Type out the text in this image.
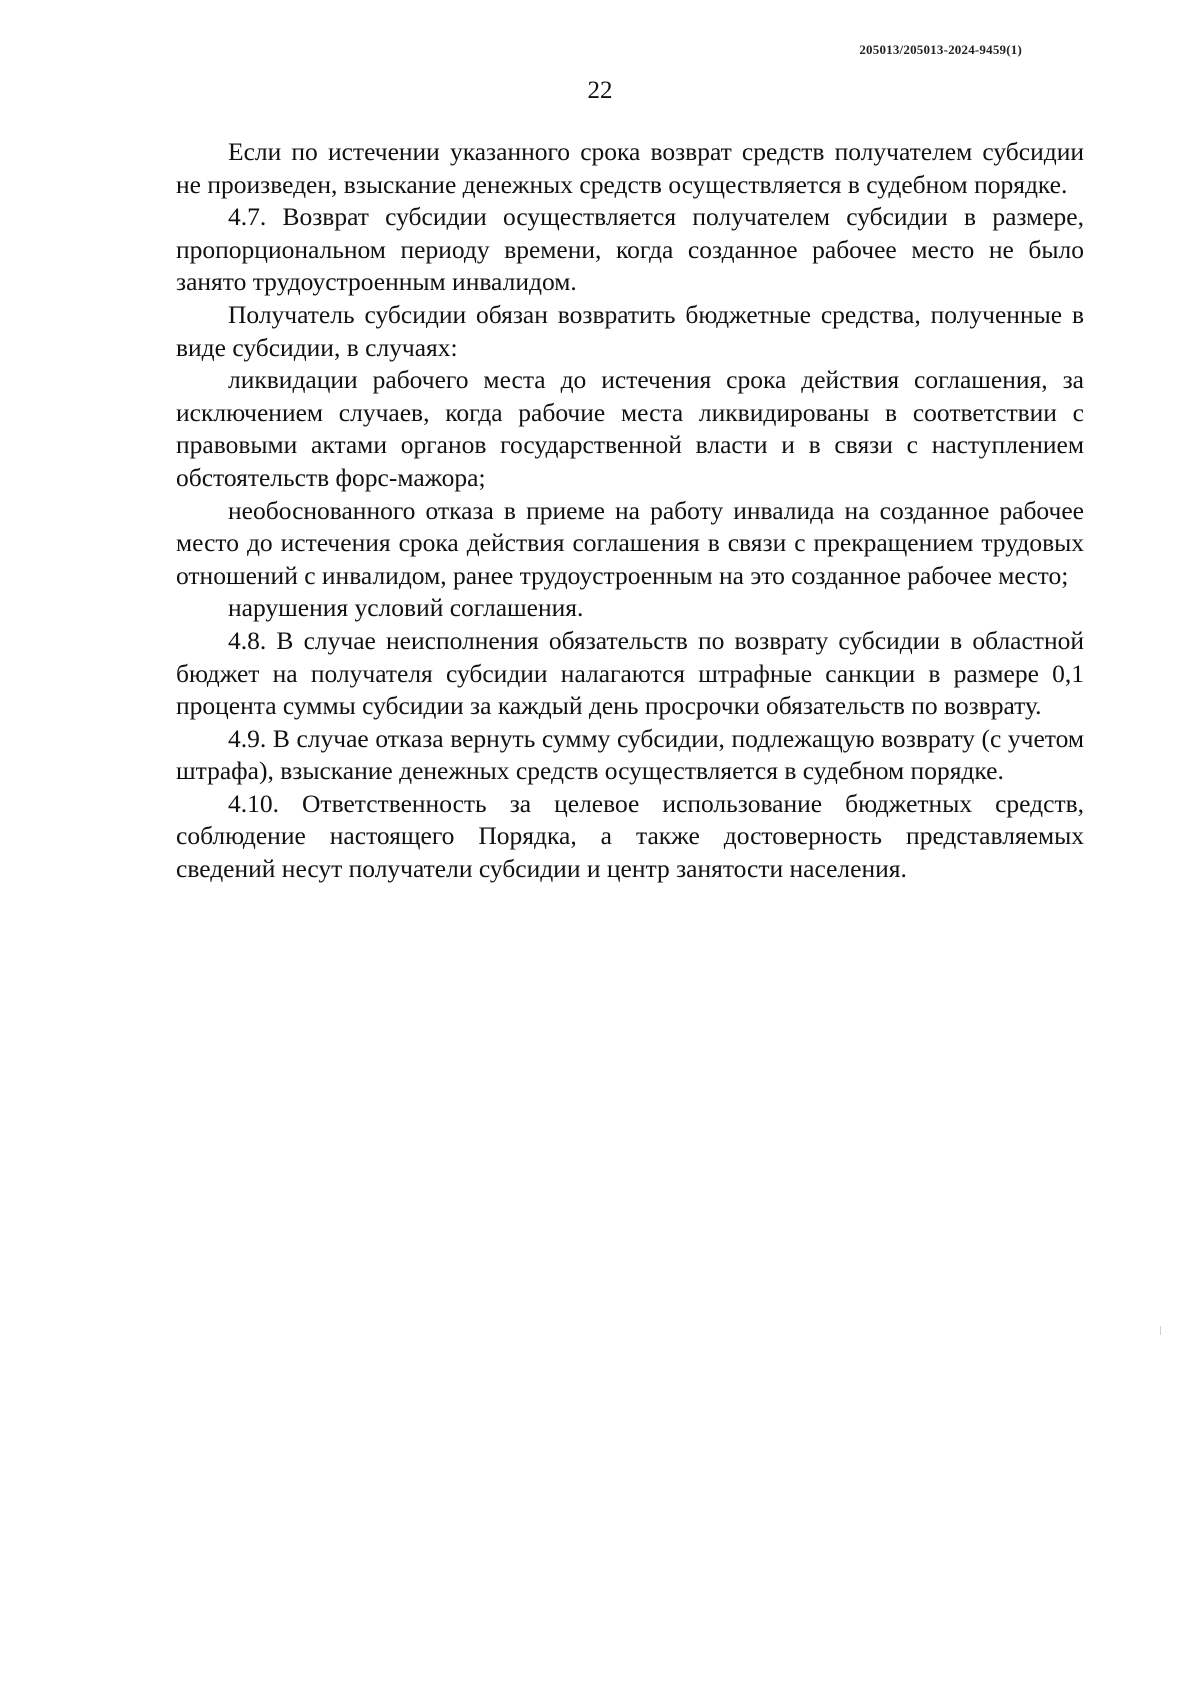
205013/205013-2024-9459(1)
22

Если по истечении указанного срока возврат средств получателем субсидии не произведен, взыскание денежных средств осуществляется в судебном порядке.

4.7. Возврат субсидии осуществляется получателем субсидии в размере, пропорциональном периоду времени, когда созданное рабочее место не было занято трудоустроенным инвалидом.

Получатель субсидии обязан возвратить бюджетные средства, полученные в виде субсидии, в случаях:

ликвидации рабочего места до истечения срока действия соглашения, за исключением случаев, когда рабочие места ликвидированы в соответствии с правовыми актами органов государственной власти и в связи с наступлением обстоятельств форс-мажора;

необоснованного отказа в приеме на работу инвалида на созданное рабочее место до истечения срока действия соглашения в связи с прекращением трудовых отношений с инвалидом, ранее трудоустроенным на это созданное рабочее место;

нарушения условий соглашения.

4.8. В случае неисполнения обязательств по возврату субсидии в областной бюджет на получателя субсидии налагаются штрафные санкции в размере 0,1 процента суммы субсидии за каждый день просрочки обязательств по возврату.

4.9. В случае отказа вернуть сумму субсидии, подлежащую возврату (с учетом штрафа), взыскание денежных средств осуществляется в судебном порядке.

4.10. Ответственность за целевое использование бюджетных средств, соблюдение настоящего Порядка, а также достоверность представляемых сведений несут получатели субсидии и центр занятости населения.
